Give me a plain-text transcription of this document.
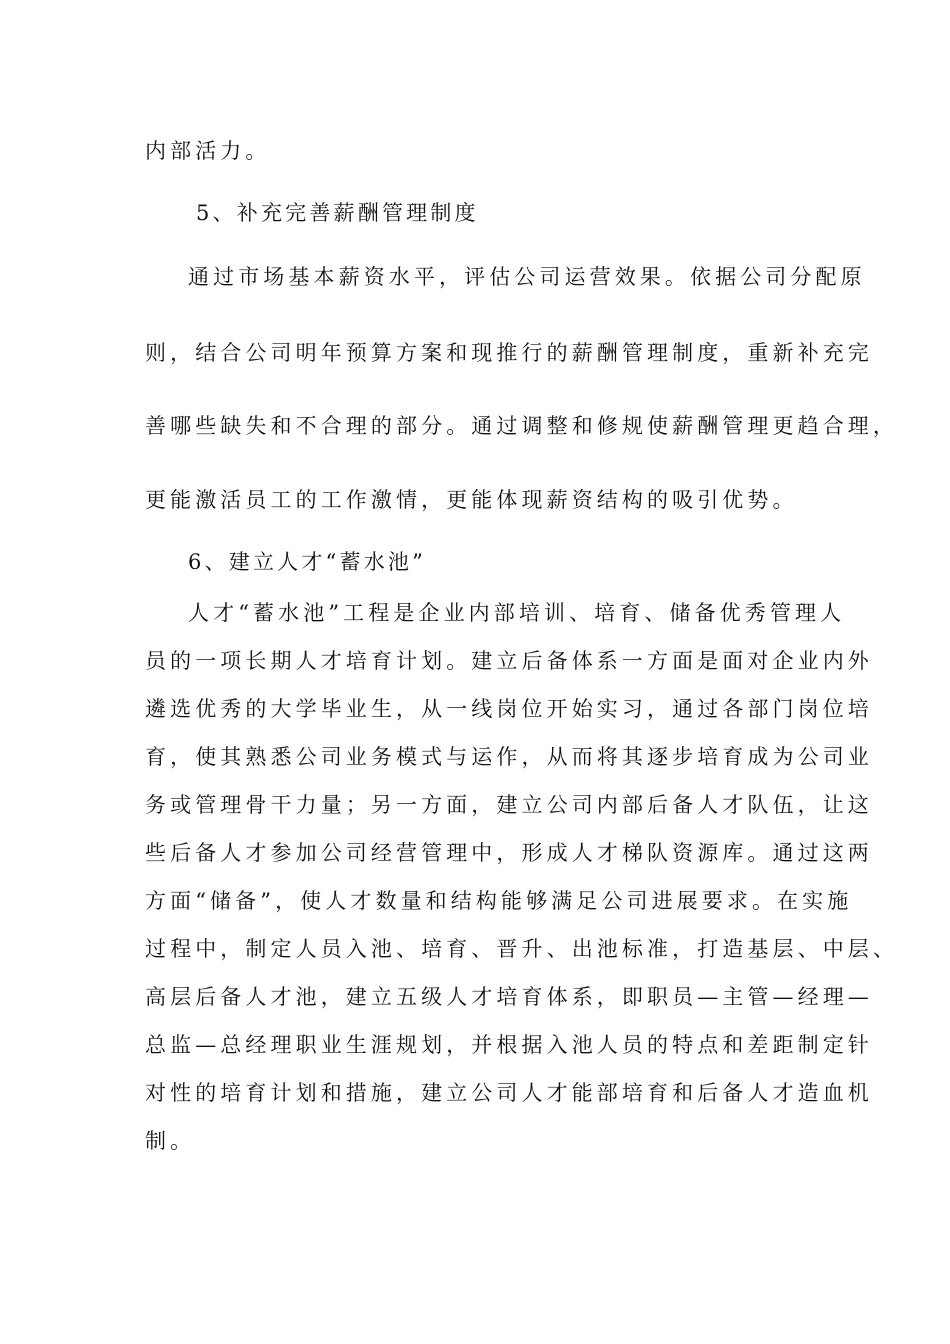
内部活力。
5、补充完善薪酬管理制度
通过市场基本薪资水平，评估公司运营效果。依据公司分配原
则，结合公司明年预算方案和现推行的薪酬管理制度，重新补充完
善哪些缺失和不合理的部分。通过调整和修规使薪酬管理更趋合理，
更能激活员工的工作激情，更能体现薪资结构的吸引优势。
6、建立人才“蓄水池”
人才“蓄水池”工程是企业内部培训、培育、储备优秀管理人
员的一项长期人才培育计划。建立后备体系一方面是面对企业内外
遴选优秀的大学毕业生，从一线岗位开始实习，通过各部门岗位培
育，使其熟悉公司业务模式与运作，从而将其逐步培育成为公司业
务或管理骨干力量；另一方面，建立公司内部后备人才队伍，让这
些后备人才参加公司经营管理中，形成人才梯队资源库。通过这两
方面“储备”，使人才数量和结构能够满足公司进展要求。在实施
过程中，制定人员入池、培育、晋升、出池标准，打造基层、中层、
高层后备人才池，建立五级人才培育体系，即职员—主管—经理—
总监—总经理职业生涯规划，并根据入池人员的特点和差距制定针
对性的培育计划和措施，建立公司人才能部培育和后备人才造血机
制。
